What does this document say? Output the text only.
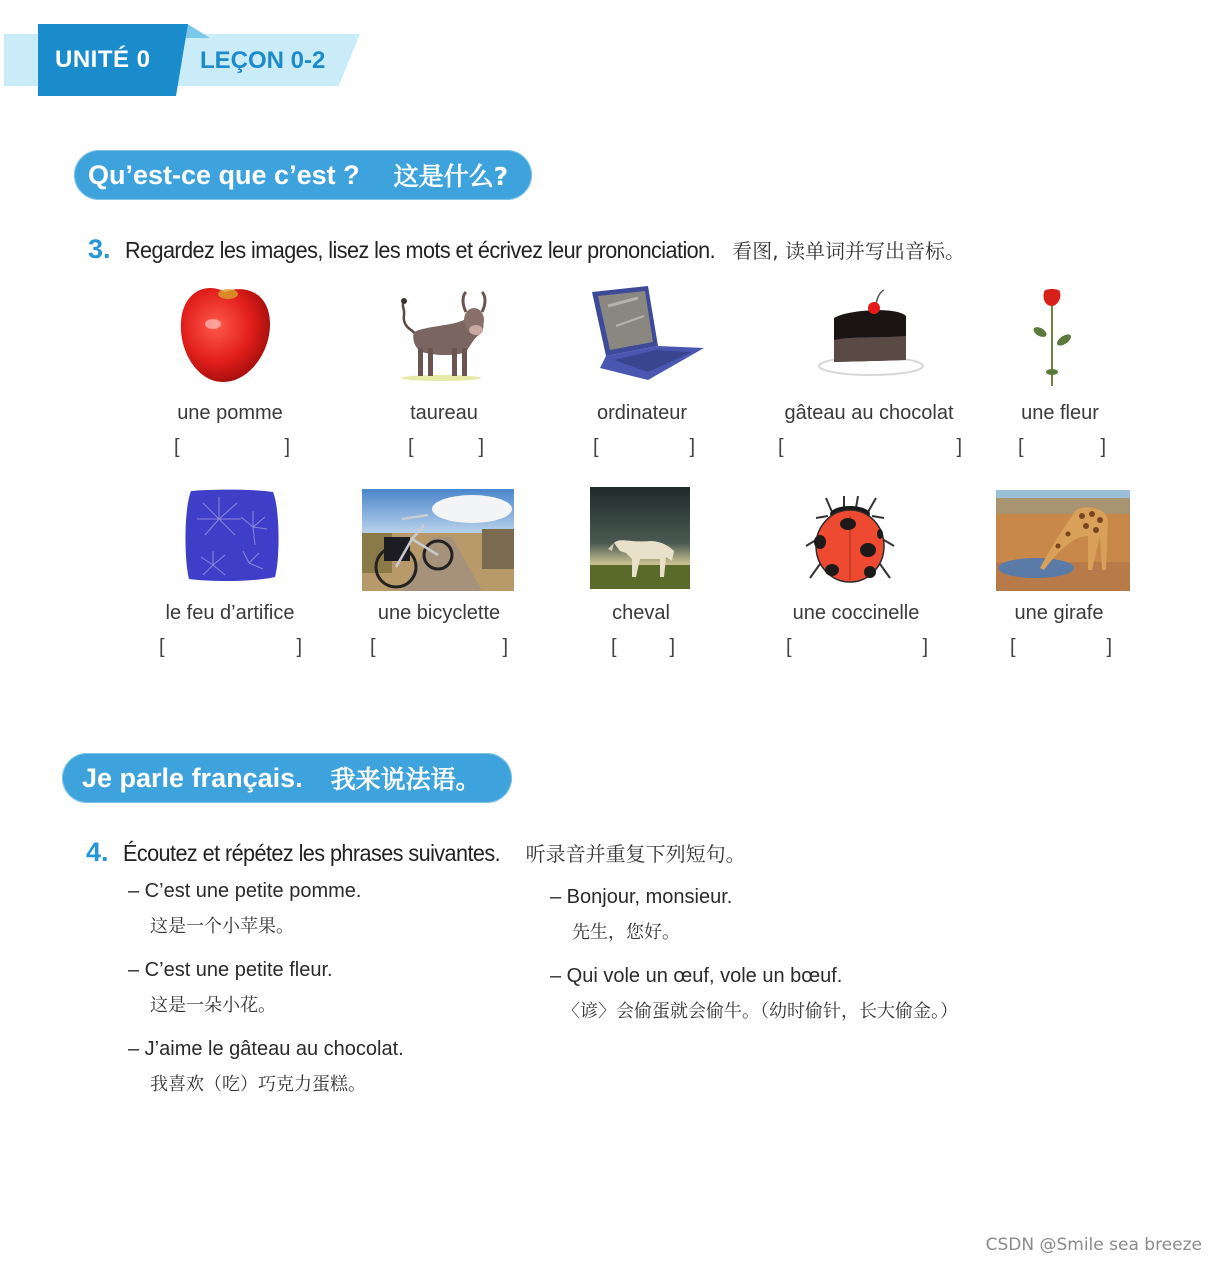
UNITÉ 0 LEÇON 0-2
Qu’est-ce que c’est ? 这是什么?
3. Regardez les images, lisez les mots et écrivez leur prononciation. 看图, 读单词并写出音标。
une pomme
[	]
taureau
[	]
ordinateur
[	]
gâteau au chocolat
[	]
une fleur
[	]
le feu d’artifice
[	]
une bicyclette
[	]
cheval
[	]
une coccinelle
[	]
une girafe
[	]
Je parle français. 我来说法语。
4. Écoutez et répétez les phrases suivantes. 听录音并重复下列短句。
– C’est une petite pomme.
这是一个小苹果。
– C’est une petite fleur.
这是一朵小花。
– J’aime le gâteau au chocolat.
我喜欢（吃）巧克力蛋糕。
– Bonjour, monsieur.
先生，您好。
– Qui vole un œuf, vole un bœuf.
〈谚〉会偷蛋就会偷牛。（幼时偷针，长大偷金。）
CSDN @Smile sea breeze
